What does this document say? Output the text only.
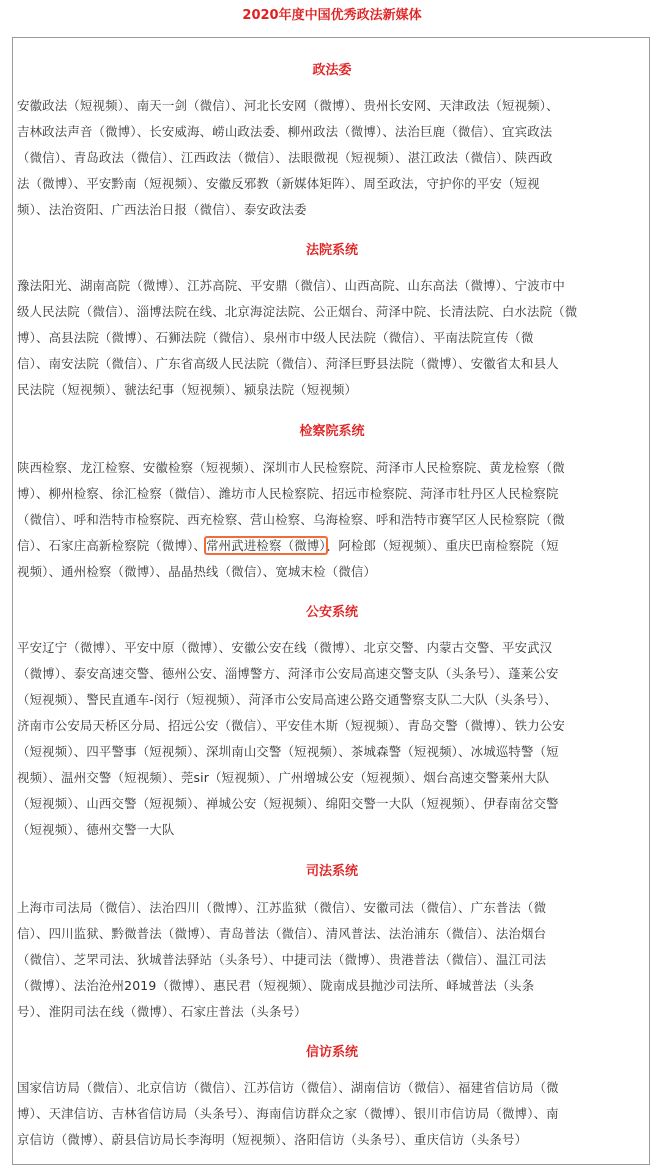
2020年度中国优秀政法新媒体
政法委
安徽政法（短视频）、南天一剑（微信）、河北长安网（微博）、贵州长安网、天津政法（短视频）、
吉林政法声音（微博）、长安威海、崂山政法委、柳州政法（微博）、法治巨鹿（微信）、宜宾政法
（微信）、青岛政法（微信）、江西政法（微信）、法眼微视（短视频）、湛江政法（微信）、陕西政
法（微博）、平安黔南（短视频）、安徽反邪教（新媒体矩阵）、周至政法，守护你的平安（短视
频）、法治资阳、广西法治日报（微信）、泰安政法委
法院系统
豫法阳光、湖南高院（微博）、江苏高院、平安鼎（微信）、山西高院、山东高法（微博）、宁波市中
级人民法院（微信）、淄博法院在线、北京海淀法院、公正烟台、菏泽中院、长清法院、白水法院（微
博）、高县法院（微博）、石狮法院（微信）、泉州市中级人民法院（微信）、平南法院宣传（微
信）、南安法院（微信）、广东省高级人民法院（微信）、菏泽巨野县法院（微博）、安徽省太和县人
民法院（短视频）、虢法纪事（短视频）、颍泉法院（短视频）
检察院系统
陕西检察、龙江检察、安徽检察（短视频）、深圳市人民检察院、菏泽市人民检察院、黄龙检察（微
博）、柳州检察、徐汇检察（微信）、潍坊市人民检察院、招远市检察院、菏泽市牡丹区人民检察院
（微信）、呼和浩特市检察院、西充检察、营山检察、乌海检察、呼和浩特市赛罕区人民检察院（微
信）、石家庄高新检察院（微博）、常州武进检察（微博）、阿检郎（短视频）、重庆巴南检察院（短
视频）、通州检察（微博）、晶晶热线（微信）、宽城末检（微信）
公安系统
平安辽宁（微博）、平安中原（微博）、安徽公安在线（微博）、北京交警、内蒙古交警、平安武汉
（微博）、泰安高速交警、德州公安、淄博警方、菏泽市公安局高速交警支队（头条号）、蓬莱公安
（短视频）、警民直通车-闵行（短视频）、菏泽市公安局高速公路交通警察支队二大队（头条号）、
济南市公安局天桥区分局、招远公安（微信）、平安佳木斯（短视频）、青岛交警（微博）、铁力公安
（短视频）、四平警事（短视频）、深圳南山交警（短视频）、茶城森警（短视频）、冰城巡特警（短
视频）、温州交警（短视频）、莞sir（短视频）、广州增城公安（短视频）、烟台高速交警莱州大队
（短视频）、山西交警（短视频）、禅城公安（短视频）、绵阳交警一大队（短视频）、伊春南岔交警
（短视频）、德州交警一大队
司法系统
上海市司法局（微信）、法治四川（微博）、江苏监狱（微信）、安徽司法（微信）、广东普法（微
信）、四川监狱、黔微普法（微博）、青岛普法（微信）、清风普法、法治浦东（微信）、法治烟台
（微信）、芝罘司法、狄城普法驿站（头条号）、中捷司法（微博）、贵港普法（微信）、温江司法
（微博）、法治沧州2019（微博）、惠民君（短视频）、陇南成县抛沙司法所、峄城普法（头条
号）、淮阴司法在线（微博）、石家庄普法（头条号）
信访系统
国家信访局（微信）、北京信访（微信）、江苏信访（微信）、湖南信访（微信）、福建省信访局（微
博）、天津信访、吉林省信访局（头条号）、海南信访群众之家（微博）、银川市信访局（微博）、南
京信访（微博）、蔚县信访局长李海明（短视频）、洛阳信访（头条号）、重庆信访（头条号）
